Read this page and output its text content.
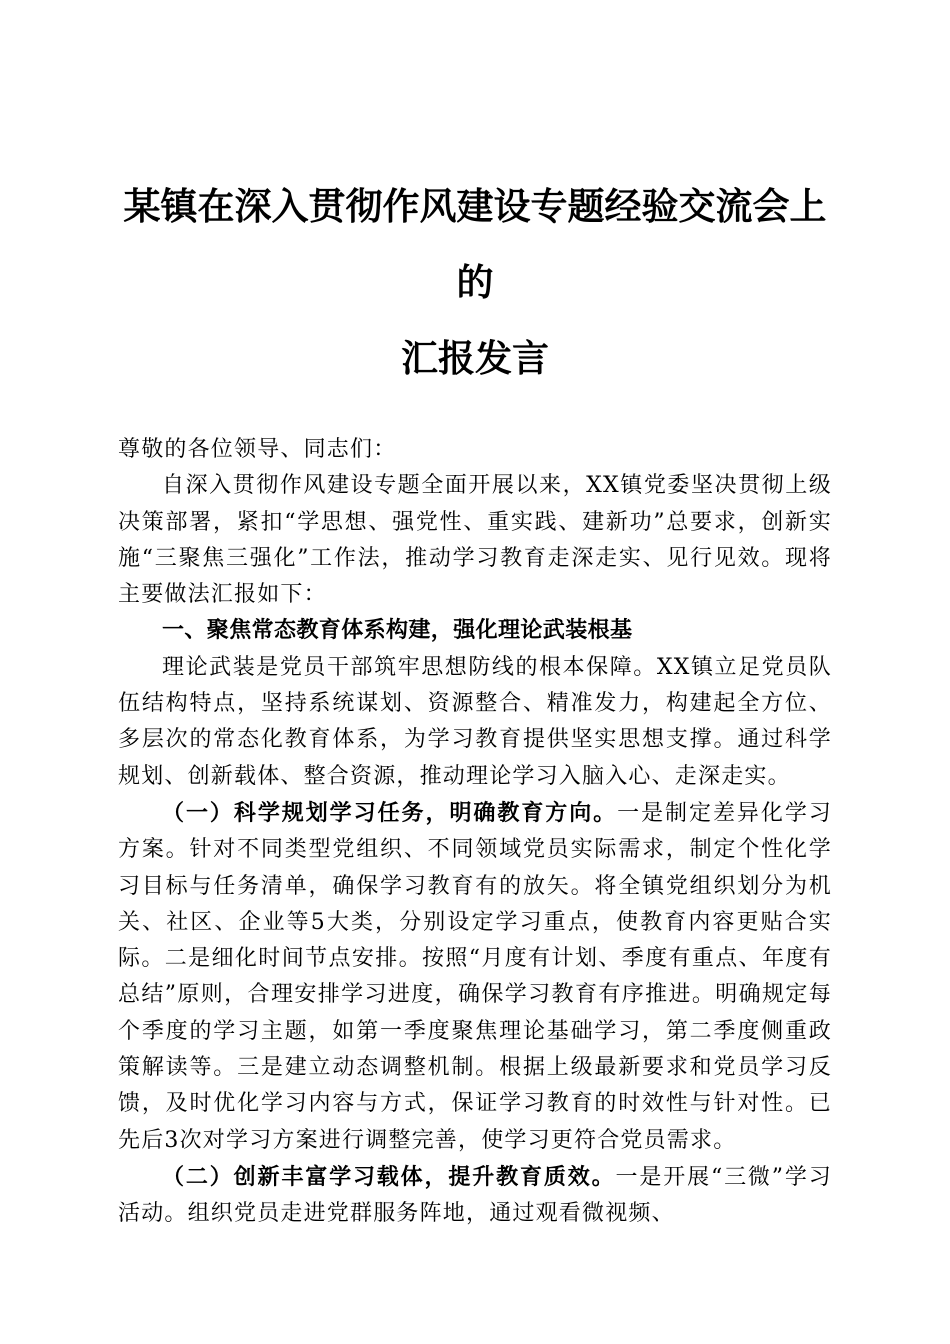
某镇在深入贯彻作风建设专题经验交流会上的
汇报发言

尊敬的各位领导、同志们：

自深入贯彻作风建设专题全面开展以来，XX镇党委坚决贯彻上级决策部署，紧扣“学思想、强党性、重实践、建新功”总要求，创新实施“三聚焦三强化”工作法，推动学习教育走深走实、见行见效。现将主要做法汇报如下：

一、聚焦常态教育体系构建，强化理论武装根基

理论武装是党员干部筑牢思想防线的根本保障。XX镇立足党员队伍结构特点，坚持系统谋划、资源整合、精准发力，构建起全方位、多层次的常态化教育体系，为学习教育提供坚实思想支撑。通过科学规划、创新载体、整合资源，推动理论学习入脑入心、走深走实。

（一）科学规划学习任务，明确教育方向。一是制定差异化学习方案。针对不同类型党组织、不同领域党员实际需求，制定个性化学习目标与任务清单，确保学习教育有的放矢。将全镇党组织划分为机关、社区、企业等5大类，分别设定学习重点，使教育内容更贴合实际。二是细化时间节点安排。按照“月度有计划、季度有重点、年度有总结”原则，合理安排学习进度，确保学习教育有序推进。明确规定每个季度的学习主题，如第一季度聚焦理论基础学习，第二季度侧重政策解读等。三是建立动态调整机制。根据上级最新要求和党员学习反馈，及时优化学习内容与方式，保证学习教育的时效性与针对性。已先后3次对学习方案进行调整完善，使学习更符合党员需求。

（二）创新丰富学习载体，提升教育质效。一是开展“三微”学习活动。组织党员走进党群服务阵地，通过观看微视频、
